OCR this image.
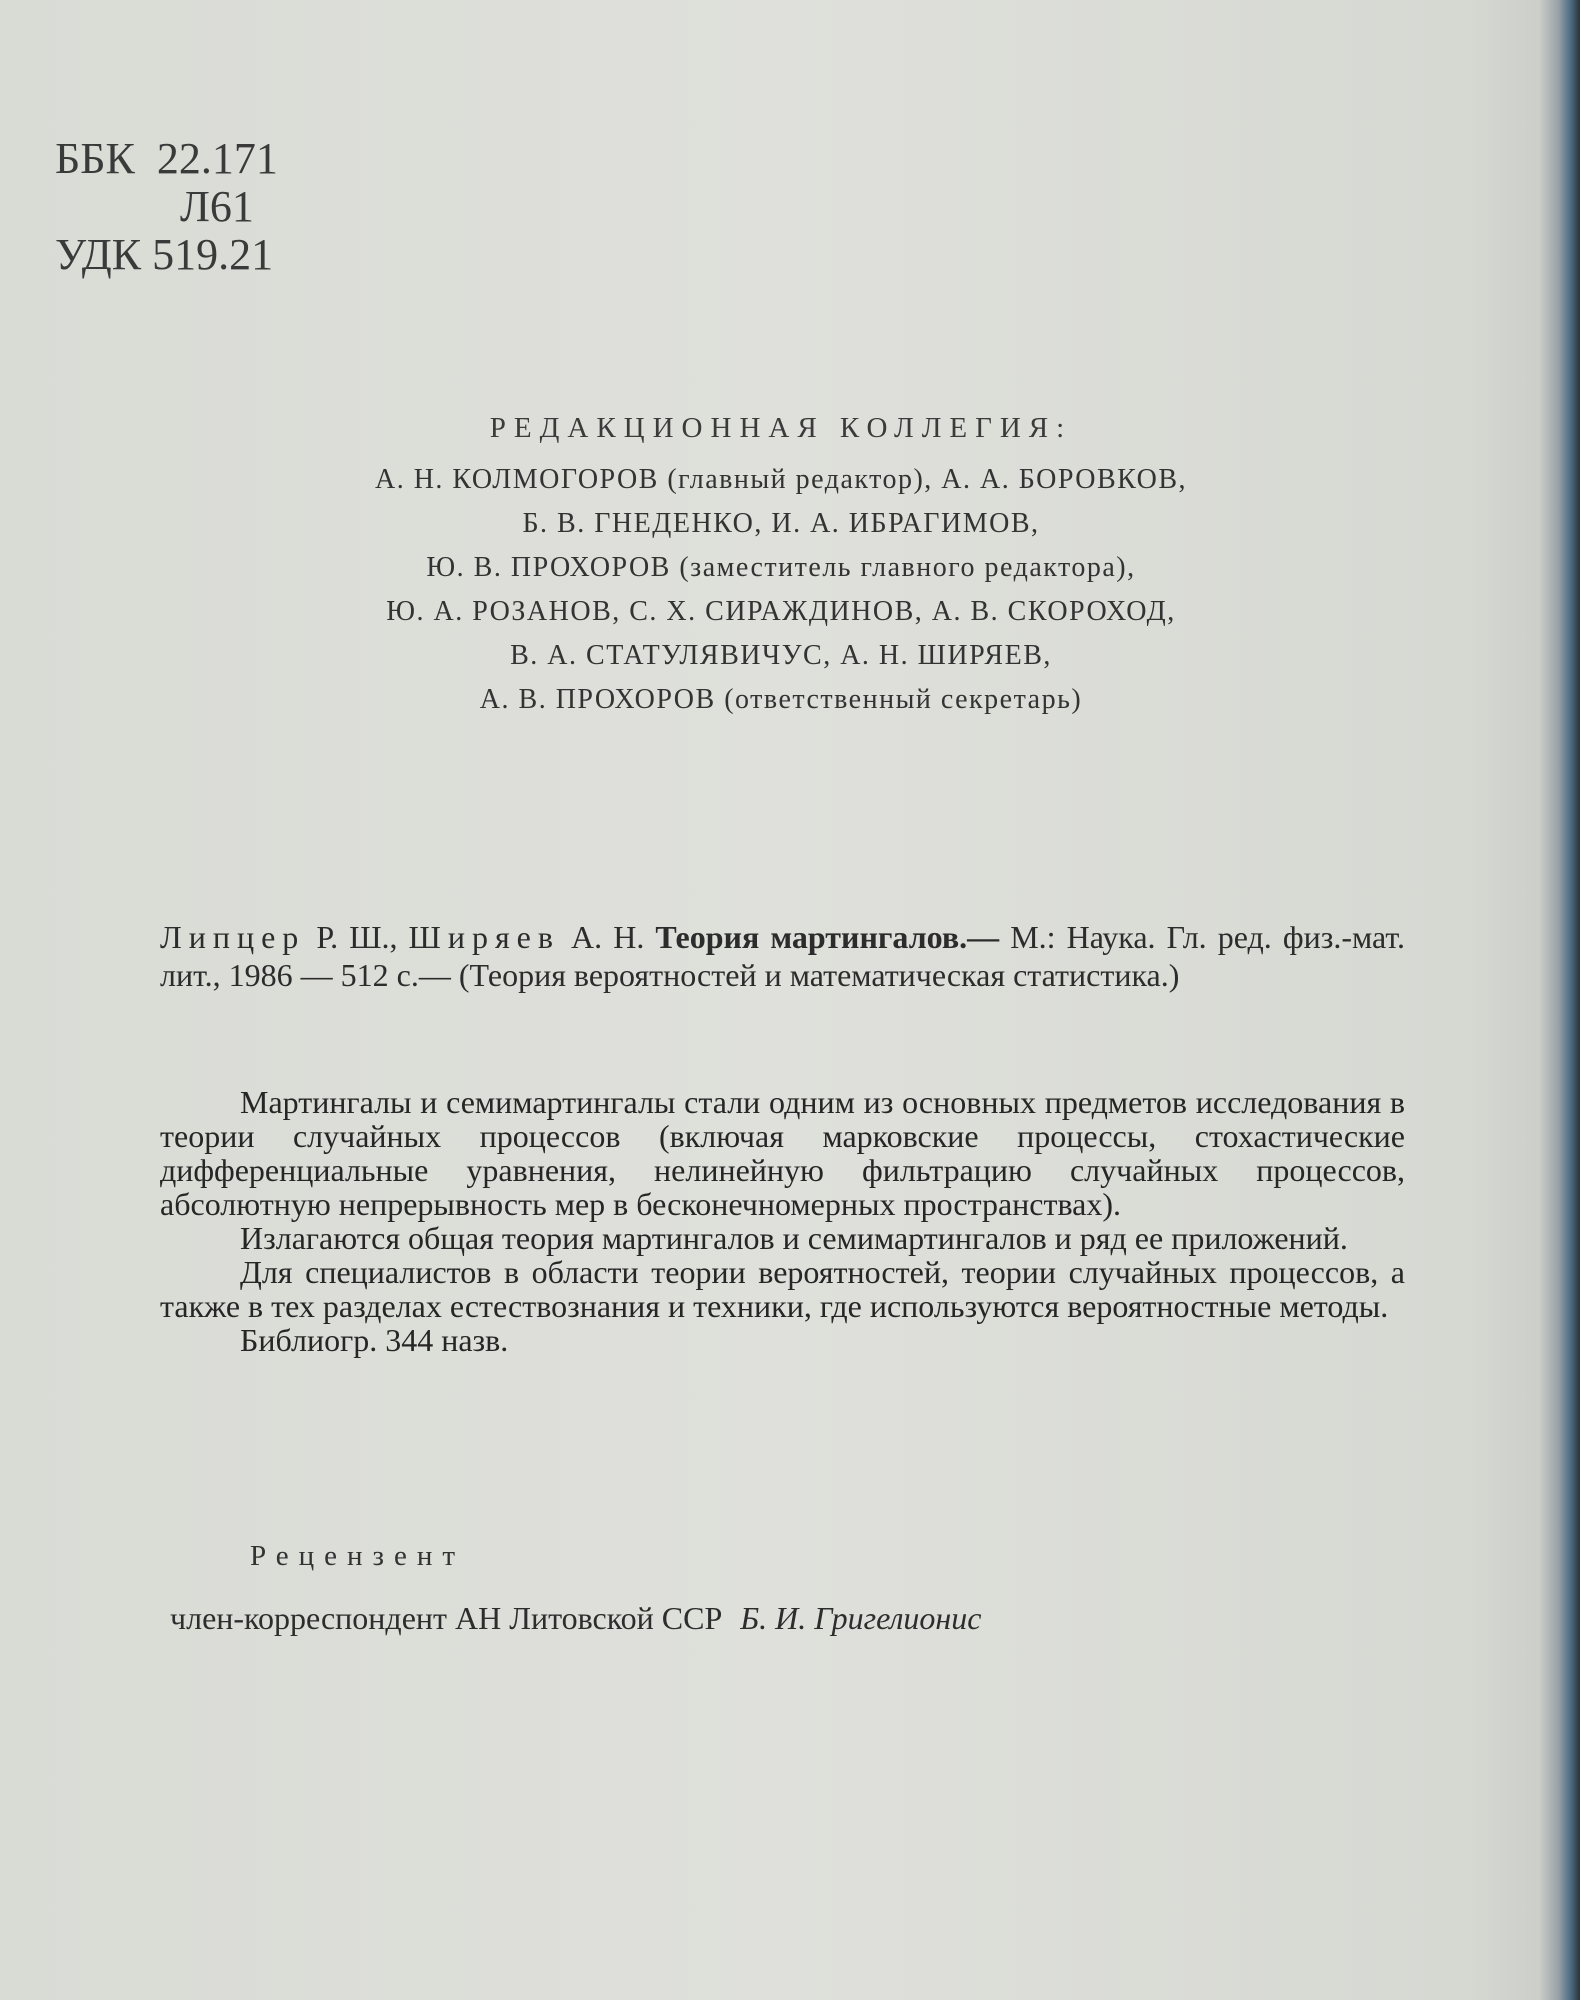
ББК 22.171
Л61
УДК 519.21
РЕДАКЦИОННАЯ КОЛЛЕГИЯ:
А. Н. КОЛМОГОРОВ (главный редактор), А. А. БОРОВКОВ,
Б. В. ГНЕДЕНКО, И. А. ИБРАГИМОВ,
Ю. В. ПРОХОРОВ (заместитель главного редактора),
Ю. А. РОЗАНОВ, С. Х. СИРАЖДИНОВ, А. В. СКОРОХОД,
В. А. СТАТУЛЯВИЧУС, А. Н. ШИРЯЕВ,
А. В. ПРОХОРОВ (ответственный секретарь)
Липцер Р. Ш., Ширяев А. Н. Теория мартингалов.— М.: Наука. Гл. ред. физ.-мат. лит., 1986 — 512 с.— (Теория вероятностей и математическая статистика.)

Мартингалы и семимартингалы стали одним из основных предметов исследования в теории случайных процессов (включая марковские процессы, стохастические дифференциальные уравнения, нелинейную фильтрацию случайных процессов, абсолютную непрерывность мер в бесконечномерных пространствах).

Излагаются общая теория мартингалов и семимартингалов и ряд ее приложений.

Для специалистов в области теории вероятностей, теории случайных процессов, а также в тех разделах естествознания и техники, где используются вероятностные методы.

Библиогр. 344 назв.

Рецензент
член-корреспондент АН Литовской ССР Б. И. Григелионис
